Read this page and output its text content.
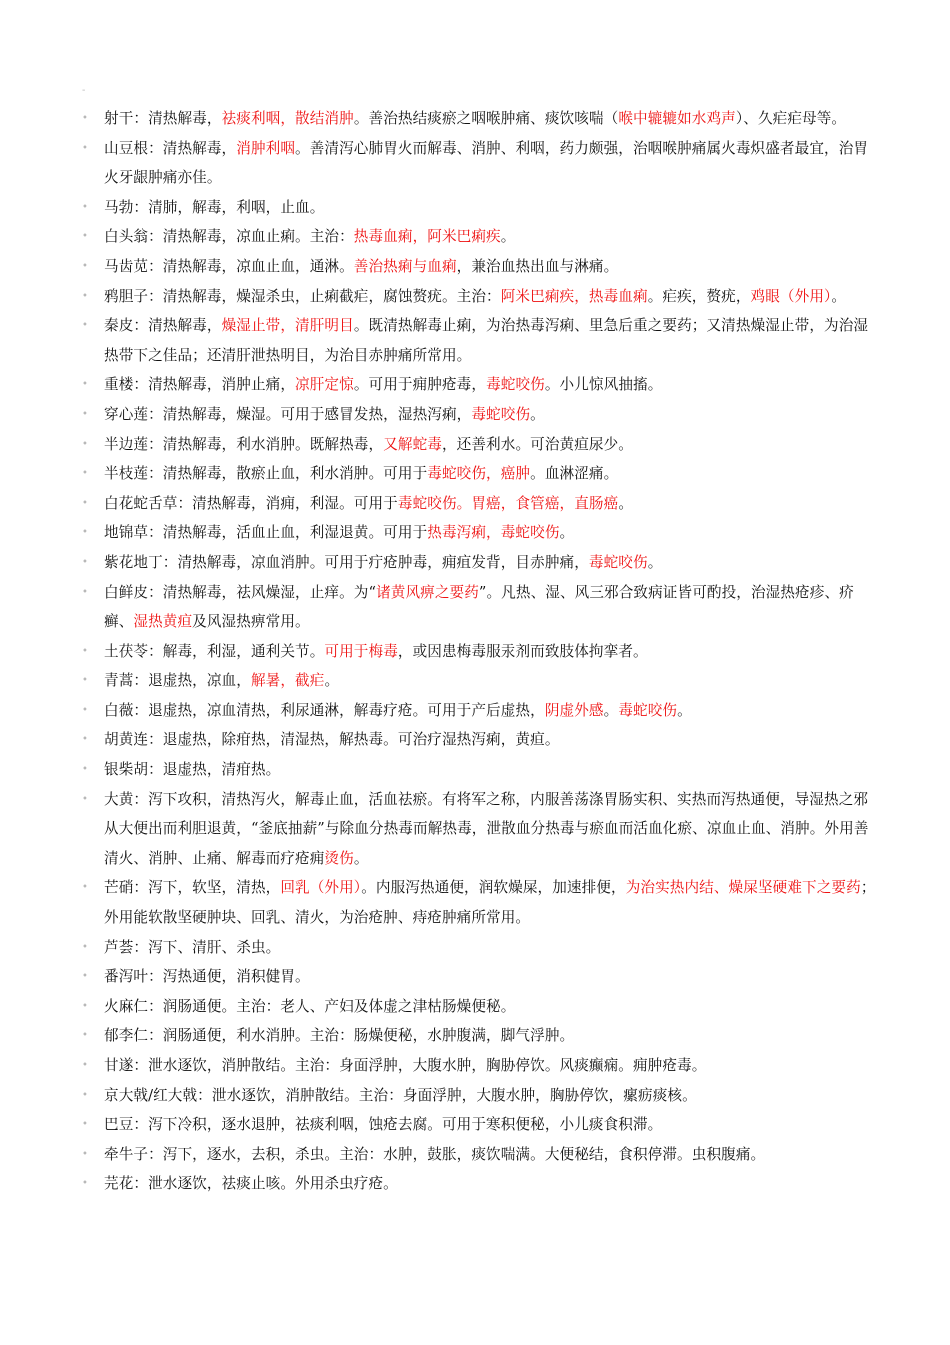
-
• 射干：清热解毒，祛痰利咽，散结消肿。善治热结痰瘀之咽喉肿痛、痰饮咳喘（喉中辘辘如水鸡声）、久疟疟母等。
• 山豆根：清热解毒，消肿利咽。善清泻心肺胃火而解毒、消肿、利咽，药力颇强，治咽喉肿痛属火毒炽盛者最宜，治胃火牙龈肿痛亦佳。
• 马勃：清肺，解毒，利咽，止血。
• 白头翁：清热解毒，凉血止痢。主治：热毒血痢，阿米巴痢疾。
• 马齿苋：清热解毒，凉血止血，通淋。善治热痢与血痢，兼治血热出血与淋痛。
• 鸦胆子：清热解毒，燥湿杀虫，止痢截疟，腐蚀赘疣。主治：阿米巴痢疾，热毒血痢。疟疾，赘疣，鸡眼（外用）。
• 秦皮：清热解毒，燥湿止带，清肝明目。既清热解毒止痢，为治热毒泻痢、里急后重之要药；又清热燥湿止带，为治湿热带下之佳品；还清肝泄热明目，为治目赤肿痛所常用。
• 重楼：清热解毒，消肿止痛，凉肝定惊。可用于痈肿疮毒，毒蛇咬伤。小儿惊风抽搐。
• 穿心莲：清热解毒，燥湿。可用于感冒发热，湿热泻痢，毒蛇咬伤。
• 半边莲：清热解毒，利水消肿。既解热毒，又解蛇毒，还善利水。可治黄疸尿少。
• 半枝莲：清热解毒，散瘀止血，利水消肿。可用于毒蛇咬伤，癌肿。血淋涩痛。
• 白花蛇舌草：清热解毒，消痈，利湿。可用于毒蛇咬伤。胃癌，食管癌，直肠癌。
• 地锦草：清热解毒，活血止血，利湿退黄。可用于热毒泻痢，毒蛇咬伤。
• 紫花地丁：清热解毒，凉血消肿。可用于疔疮肿毒，痈疽发背，目赤肿痛，毒蛇咬伤。
• 白鲜皮：清热解毒，祛风燥湿，止痒。为“诸黄风痹之要药”。凡热、湿、风三邪合致病证皆可酌投，治湿热疮疹、疥癣、湿热黄疸及风湿热痹常用。
• 土茯苓：解毒，利湿，通利关节。可用于梅毒，或因患梅毒服汞剂而致肢体拘挛者。
• 青蒿：退虚热，凉血，解暑，截疟。
• 白薇：退虚热，凉血清热，利尿通淋，解毒疗疮。可用于产后虚热，阴虚外感。毒蛇咬伤。
• 胡黄连：退虚热，除疳热，清湿热，解热毒。可治疗湿热泻痢，黄疸。
• 银柴胡：退虚热，清疳热。
• 大黄：泻下攻积，清热泻火，解毒止血，活血祛瘀。有将军之称，内服善荡涤胃肠实积、实热而泻热通便，导湿热之邪从大便出而利胆退黄，“釜底抽薪”与除血分热毒而解热毒，泄散血分热毒与瘀血而活血化瘀、凉血止血、消肿。外用善清火、消肿、止痛、解毒而疗疮痈烫伤。
• 芒硝：泻下，软坚，清热，回乳（外用）。内服泻热通便，润软燥屎，加速排便，为治实热内结、燥屎坚硬难下之要药；外用能软散坚硬肿块、回乳、清火，为治疮肿、痔疮肿痛所常用。
• 芦荟：泻下、清肝、杀虫。
• 番泻叶：泻热通便，消积健胃。
• 火麻仁：润肠通便。主治：老人、产妇及体虚之津枯肠燥便秘。
• 郁李仁：润肠通便，利水消肿。主治：肠燥便秘，水肿腹满，脚气浮肿。
• 甘遂：泄水逐饮，消肿散结。主治：身面浮肿，大腹水肿，胸胁停饮。风痰癫痫。痈肿疮毒。
• 京大戟/红大戟：泄水逐饮，消肿散结。主治：身面浮肿，大腹水肿，胸胁停饮，瘰疬痰核。
• 巴豆：泻下冷积，逐水退肿，祛痰利咽，蚀疮去腐。可用于寒积便秘，小儿痰食积滞。
• 牵牛子：泻下，逐水，去积，杀虫。主治：水肿，鼓胀，痰饮喘满。大便秘结，食积停滞。虫积腹痛。
• 芫花：泄水逐饮，祛痰止咳。外用杀虫疗疮。
